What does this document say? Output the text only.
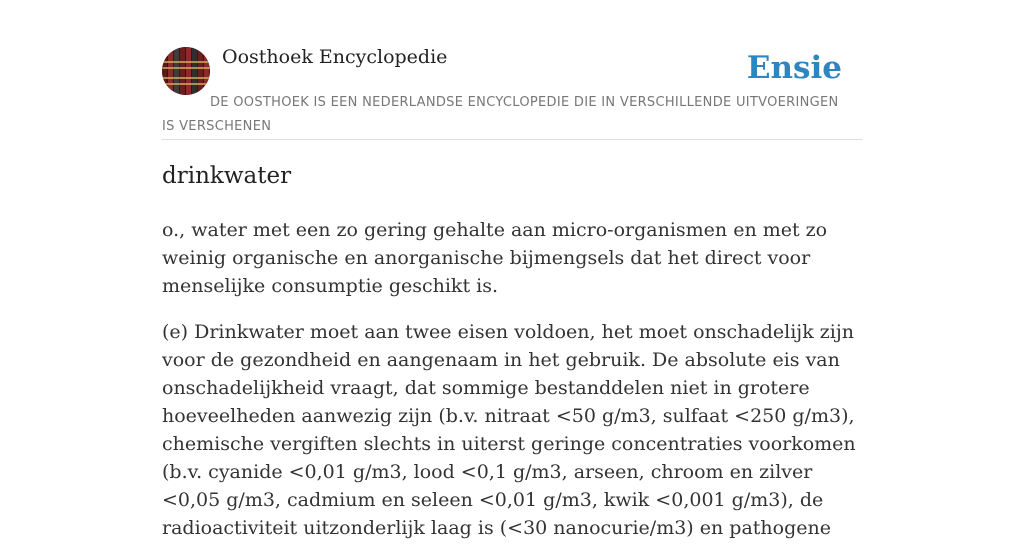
Oosthoek Encyclopedie	Ensie
DE OOSTHOEK IS EEN NEDERLANDSE ENCYCLOPEDIE DIE IN VERSCHILLENDE UITVOERINGEN IS VERSCHENEN
drinkwater

o., water met een zo gering gehalte aan micro-organismen en met zo weinig organische en anorganische bijmengsels dat het direct voor menselijke consumptie geschikt is.

(e) Drinkwater moet aan twee eisen voldoen, het moet onschadelijk zijn voor de gezondheid en aangenaam in het gebruik. De absolute eis van onschadelijkheid vraagt, dat sommige bestanddelen niet in grotere hoeveelheden aanwezig zijn (b.v. nitraat <50 g/m3, sulfaat <250 g/m3), chemische vergiften slechts in uiterst geringe concentraties voorkomen (b.v. cyanide <0,01 g/m3, lood <0,1 g/m3, arseen, chroom en zilver <0,05 g/m3, cadmium en seleen <0,01 g/m3, kwik <0,001 g/m3), de radioactiviteit uitzonderlijk laag is (<30 nanocurie/m3) en pathogene
